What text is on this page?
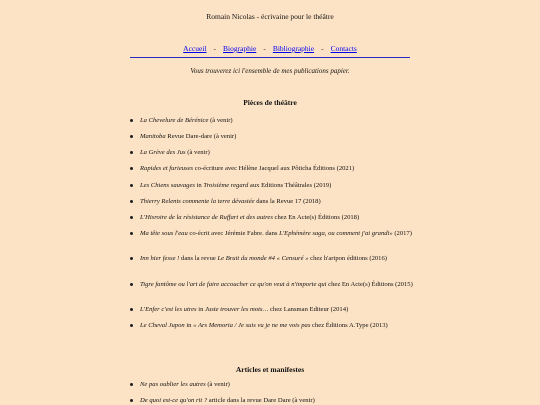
Romain Nicolas - écrivaine pour le théâtre
Accueil - Biographie - Bibliographie - Contacts
Vous trouverez ici l'ensemble de mes publications papier.
Pièces de théâtre
La Chevelure de Bérénice (à venir)
Manitoba Revue Dare-dare (à venir)
La Grève des Jus (à venir)
Rapides et furieuses co-écriture avec Hélène Jacquel aux Pôticha Éditions (2021)
Les Chiens sauvages in Troisième regard aux Editions Théâtrales (2019)
Thierry Relents commente la terre dévastée dans la Revue 17 (2018)
L'Hisroire de la résistance de Ruffart et des autres chez En Acte(s) Éditions (2018)
Ma tête sous l'eau co-écrit avec Jérémie Fabre. dans L'Ephémère saga, ou comment j'ai grandi» (2017)
Inn hier fesse ! dans la revue Le Bruit du monde #4 « Censuré » chez h'artpon éditions (2016)
Tigre fantôme ou l'art de faire accoucher ce qu'on veut à n'importe qui chez En Acte(s) Éditions (2015)
L'Enfer c'est les utres in Juste trouver les mots… chez Lansman Editeur (2014)
Le Cheval Jupon in « Ars Memoria / Je suis vu je ne me vois pas chez Éditions A.Type (2013)
Articles et manifestes
Ne pas oublier les autres (à venir)
De quoi est-ce qu'on rit ? article dans la revue Dare Dare (à venir)
